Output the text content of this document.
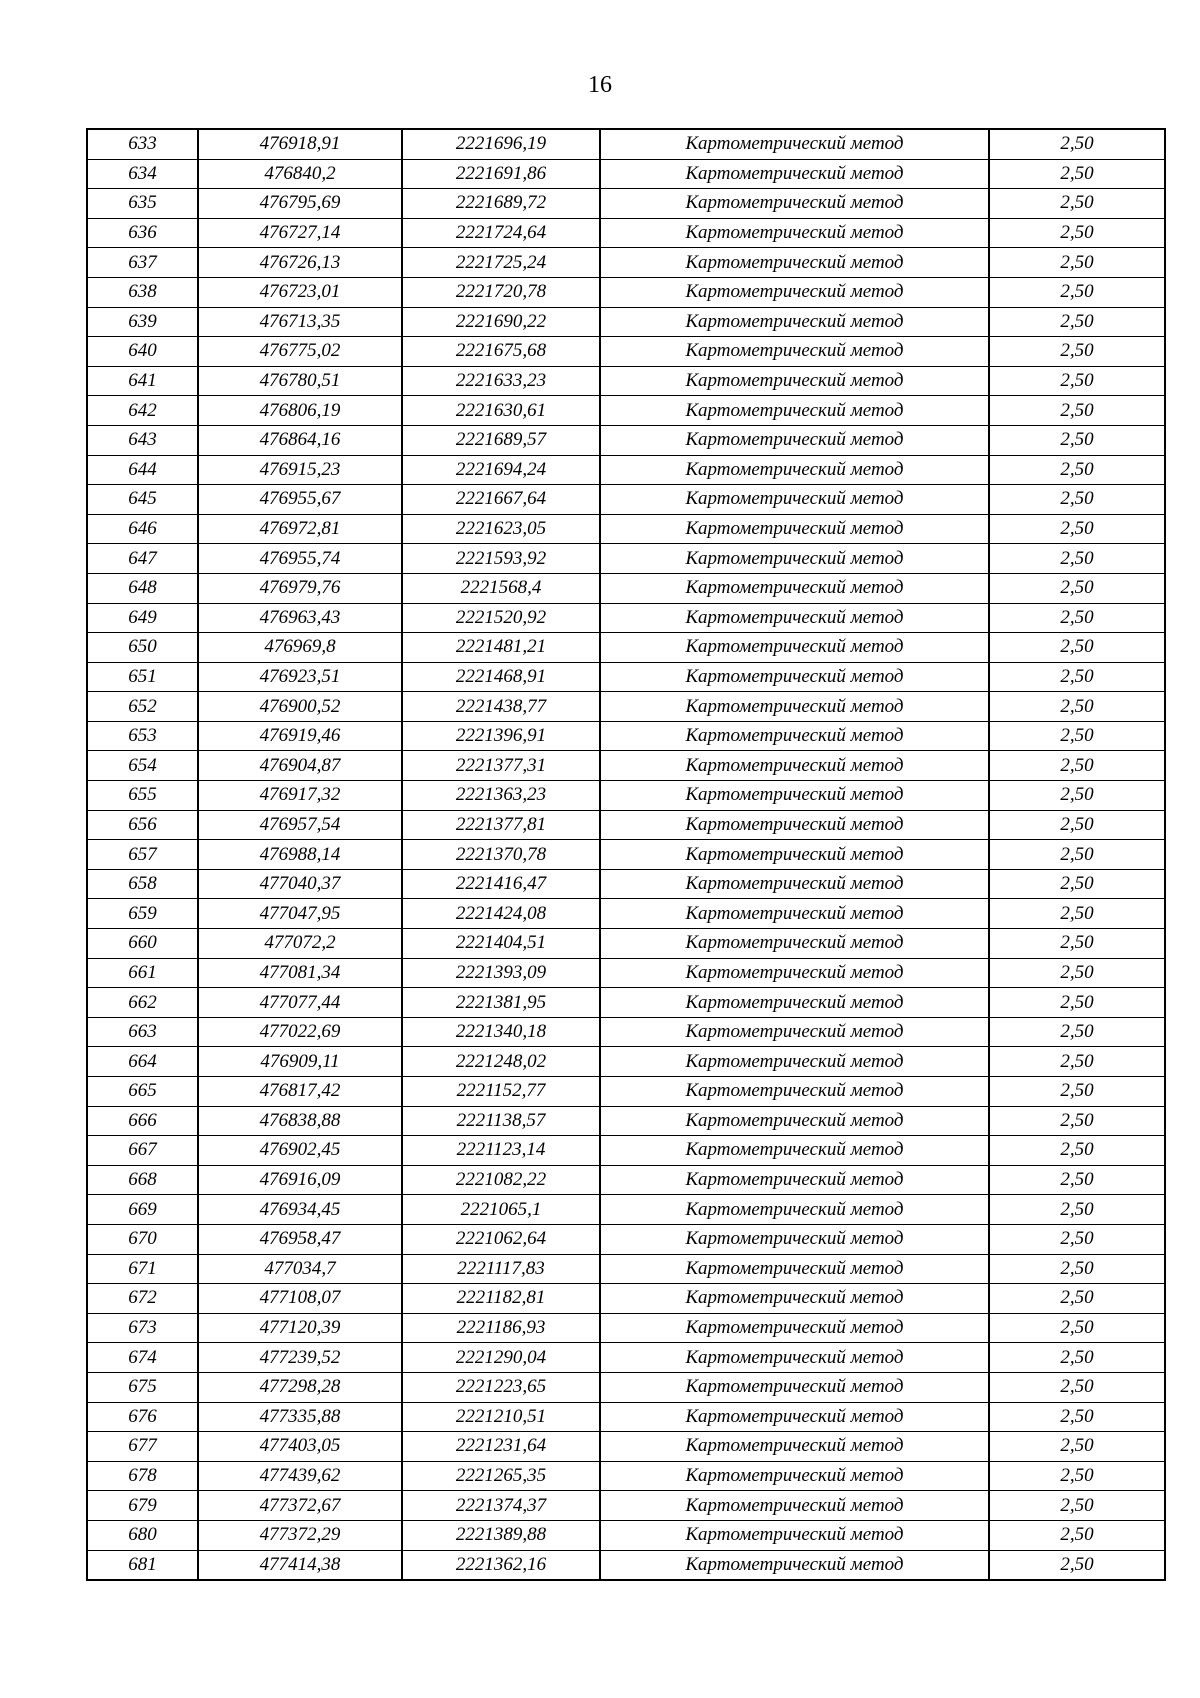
16
633	476918,91	2221696,19	Картометрический метод	2,50
634	476840,2	2221691,86	Картометрический метод	2,50
635	476795,69	2221689,72	Картометрический метод	2,50
636	476727,14	2221724,64	Картометрический метод	2,50
637	476726,13	2221725,24	Картометрический метод	2,50
638	476723,01	2221720,78	Картометрический метод	2,50
639	476713,35	2221690,22	Картометрический метод	2,50
640	476775,02	2221675,68	Картометрический метод	2,50
641	476780,51	2221633,23	Картометрический метод	2,50
642	476806,19	2221630,61	Картометрический метод	2,50
643	476864,16	2221689,57	Картометрический метод	2,50
644	476915,23	2221694,24	Картометрический метод	2,50
645	476955,67	2221667,64	Картометрический метод	2,50
646	476972,81	2221623,05	Картометрический метод	2,50
647	476955,74	2221593,92	Картометрический метод	2,50
648	476979,76	2221568,4	Картометрический метод	2,50
649	476963,43	2221520,92	Картометрический метод	2,50
650	476969,8	2221481,21	Картометрический метод	2,50
651	476923,51	2221468,91	Картометрический метод	2,50
652	476900,52	2221438,77	Картометрический метод	2,50
653	476919,46	2221396,91	Картометрический метод	2,50
654	476904,87	2221377,31	Картометрический метод	2,50
655	476917,32	2221363,23	Картометрический метод	2,50
656	476957,54	2221377,81	Картометрический метод	2,50
657	476988,14	2221370,78	Картометрический метод	2,50
658	477040,37	2221416,47	Картометрический метод	2,50
659	477047,95	2221424,08	Картометрический метод	2,50
660	477072,2	2221404,51	Картометрический метод	2,50
661	477081,34	2221393,09	Картометрический метод	2,50
662	477077,44	2221381,95	Картометрический метод	2,50
663	477022,69	2221340,18	Картометрический метод	2,50
664	476909,11	2221248,02	Картометрический метод	2,50
665	476817,42	2221152,77	Картометрический метод	2,50
666	476838,88	2221138,57	Картометрический метод	2,50
667	476902,45	2221123,14	Картометрический метод	2,50
668	476916,09	2221082,22	Картометрический метод	2,50
669	476934,45	2221065,1	Картометрический метод	2,50
670	476958,47	2221062,64	Картометрический метод	2,50
671	477034,7	2221117,83	Картометрический метод	2,50
672	477108,07	2221182,81	Картометрический метод	2,50
673	477120,39	2221186,93	Картометрический метод	2,50
674	477239,52	2221290,04	Картометрический метод	2,50
675	477298,28	2221223,65	Картометрический метод	2,50
676	477335,88	2221210,51	Картометрический метод	2,50
677	477403,05	2221231,64	Картометрический метод	2,50
678	477439,62	2221265,35	Картометрический метод	2,50
679	477372,67	2221374,37	Картометрический метод	2,50
680	477372,29	2221389,88	Картометрический метод	2,50
681	477414,38	2221362,16	Картометрический метод	2,50
